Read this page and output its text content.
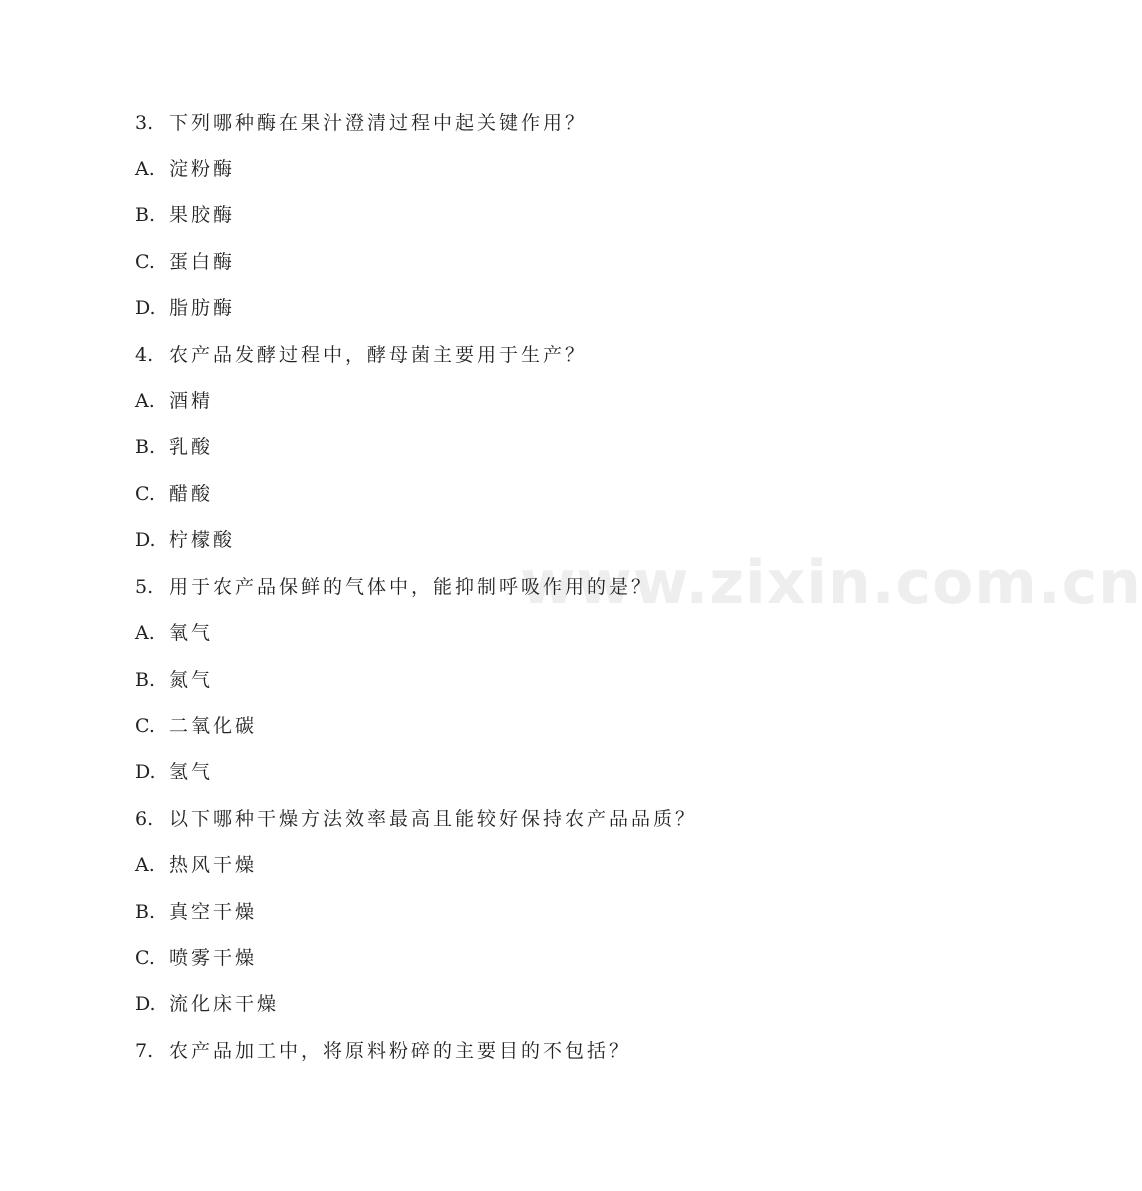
www.zixin.com.cn
3. 下列哪种酶在果汁澄清过程中起关键作用？
A. 淀粉酶
B. 果胶酶
C. 蛋白酶
D. 脂肪酶
4. 农产品发酵过程中，酵母菌主要用于生产？
A. 酒精
B. 乳酸
C. 醋酸
D. 柠檬酸
5. 用于农产品保鲜的气体中，能抑制呼吸作用的是？
A. 氧气
B. 氮气
C. 二氧化碳
D. 氢气
6. 以下哪种干燥方法效率最高且能较好保持农产品品质？
A. 热风干燥
B. 真空干燥
C. 喷雾干燥
D. 流化床干燥
7. 农产品加工中，将原料粉碎的主要目的不包括？
